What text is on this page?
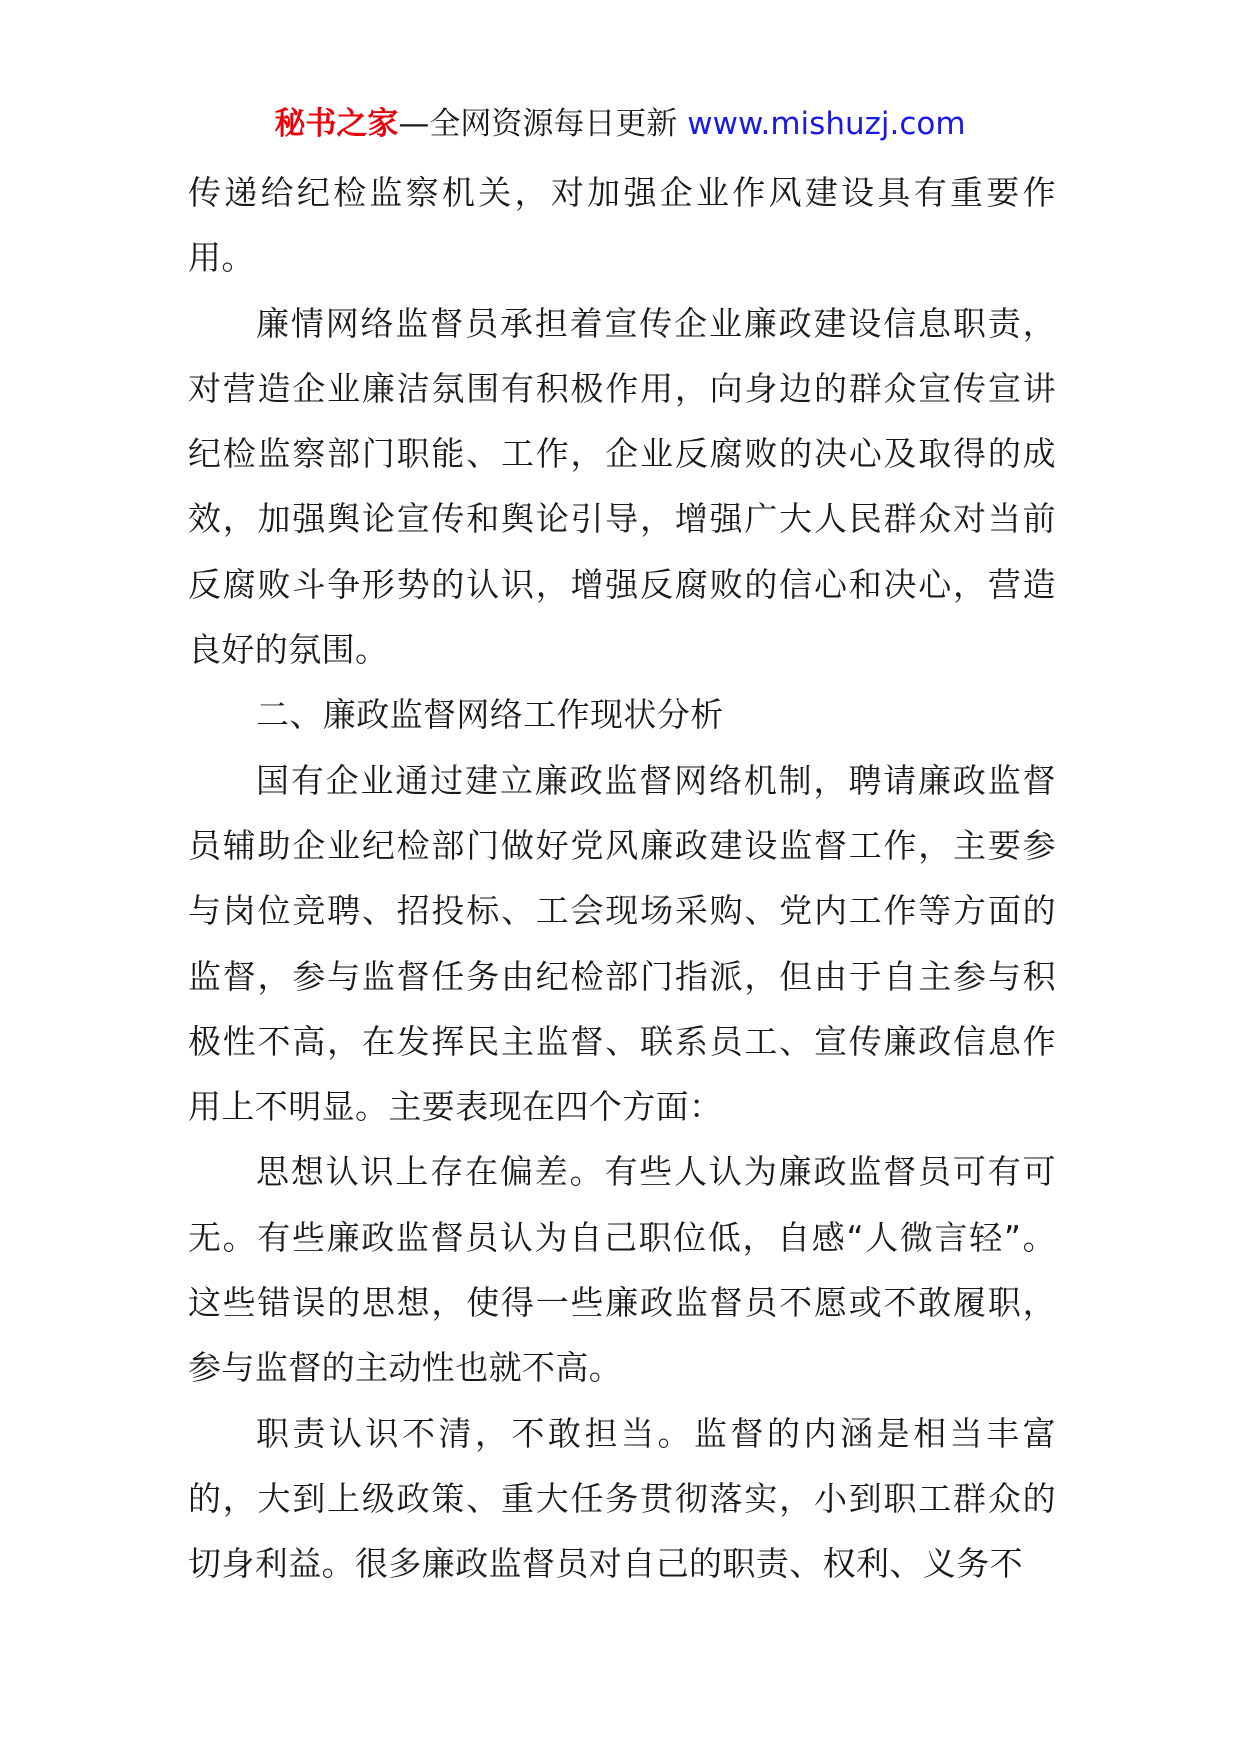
秘书之家—全网资源每日更新 www.mishuzj.com

传递给纪检监察机关，对加强企业作风建设具有重要作用。

廉情网络监督员承担着宣传企业廉政建设信息职责，对营造企业廉洁氛围有积极作用，向身边的群众宣传宣讲纪检监察部门职能、工作，企业反腐败的决心及取得的成效，加强舆论宣传和舆论引导，增强广大人民群众对当前反腐败斗争形势的认识，增强反腐败的信心和决心，营造良好的氛围。

二、廉政监督网络工作现状分析

国有企业通过建立廉政监督网络机制，聘请廉政监督员辅助企业纪检部门做好党风廉政建设监督工作，主要参与岗位竞聘、招投标、工会现场采购、党内工作等方面的监督，参与监督任务由纪检部门指派，但由于自主参与积极性不高，在发挥民主监督、联系员工、宣传廉政信息作用上不明显。主要表现在四个方面：

思想认识上存在偏差。有些人认为廉政监督员可有可无。有些廉政监督员认为自己职位低，自感“人微言轻”。这些错误的思想，使得一些廉政监督员不愿或不敢履职，参与监督的主动性也就不高。

职责认识不清，不敢担当。监督的内涵是相当丰富的，大到上级政策、重大任务贯彻落实，小到职工群众的切身利益。很多廉政监督员对自己的职责、权利、义务不
